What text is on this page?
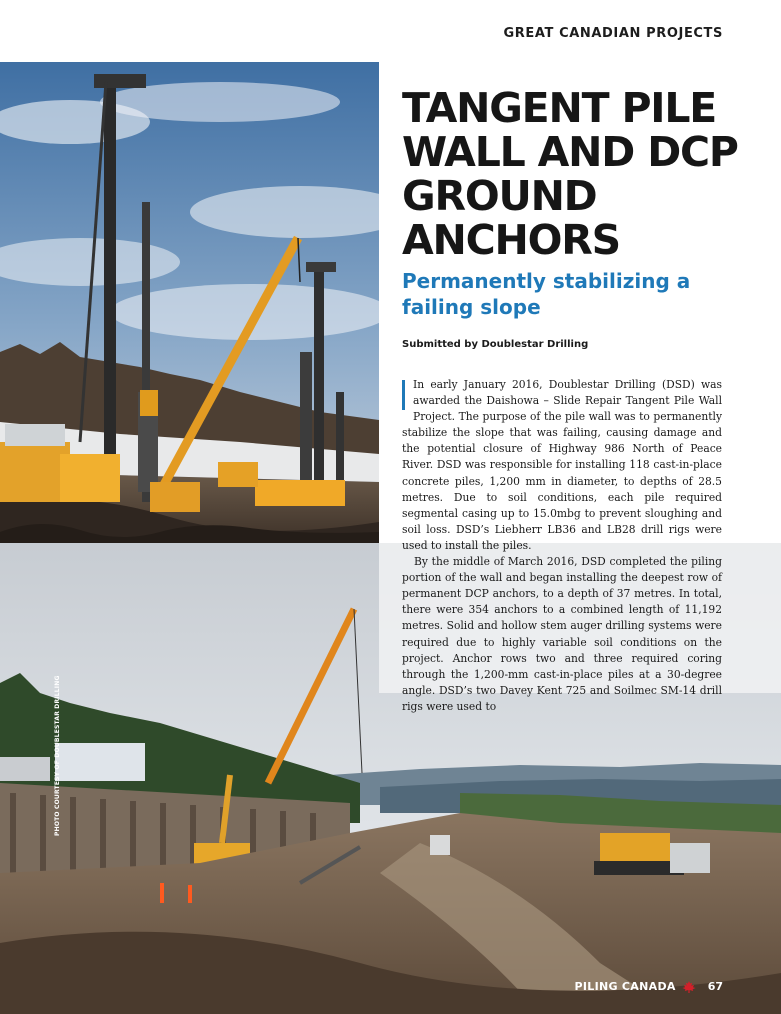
GREAT CANADIAN PROJECTS
TANGENT PILE WALL AND DCP GROUND ANCHORS
Permanently stabilizing a failing slope

Submitted by Doublestar Drilling

In early January 2016, Doublestar Drilling (DSD) was awarded the Daishowa – Slide Repair Tangent Pile Wall Project. The purpose of the pile wall was to permanently stabilize the slope that was failing, causing damage and the potential closure of Highway 986 North of Peace River. DSD was responsible for installing 118 cast-in-place concrete piles, 1,200 mm in diameter, to depths of 28.5 metres. Due to soil conditions, each pile required segmental casing up to 15.0mbg to prevent sloughing and soil loss. DSD’s Liebherr LB36 and LB28 drill rigs were used to install the piles.

By the middle of March 2016, DSD completed the piling portion of the wall and began installing the deepest row of permanent DCP anchors, to a depth of 37 metres. In total, there were 354 anchors to a combined length of 11,192 metres. Solid and hollow stem auger drilling systems were required due to highly variable soil conditions on the project. Anchor rows two and three required coring through the 1,200-mm cast-in-place piles at a 30-degree angle. DSD’s two Davey Kent 725 and Soilmec SM-14 drill rigs were used to

PHOTO COURTESY OF DOUBLESTAR DRILLING
PILING CANADA	67
